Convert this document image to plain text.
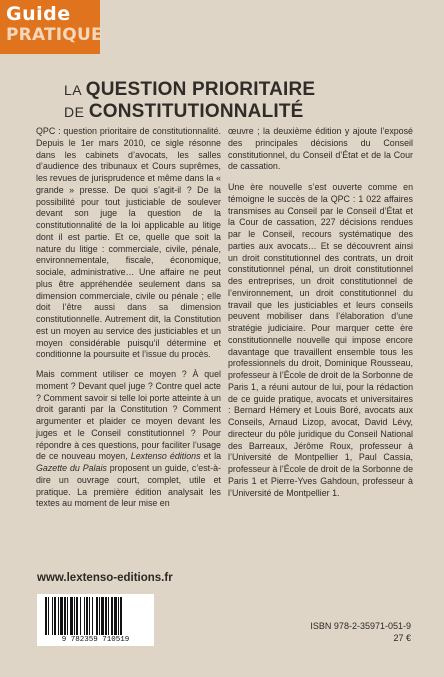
Guide
PRATIQUE
LA QUESTION PRIORITAIRE
DE CONSTITUTIONNALITÉ

QPC : question prioritaire de constitutionnalité. Depuis le 1er mars 2010, ce sigle résonne dans les cabinets d’avocats, les salles d’audience des tribunaux et Cours suprêmes, les revues de jurisprudence et même dans la « grande » presse. De quoi s’agit-il ? De la possibilité pour tout justiciable de soulever devant son juge la question de la constitutionnalité de la loi applicable au litige dont il est partie. Et ce, quelle que soit la nature du litige : commerciale, civile, pénale, environnementale, fiscale, économique, sociale, administrative… Une affaire ne peut plus être appréhendée seulement dans sa dimension commerciale, civile ou pénale ; elle doit l’être aussi dans sa dimension constitutionnelle. Autrement dit, la Constitution est un moyen au service des justiciables et un moyen considérable puisqu’il détermine et conditionne la poursuite et l’issue du procès.

Mais comment utiliser ce moyen ? À quel moment ? Devant quel juge ? Contre quel acte ? Comment savoir si telle loi porte atteinte à un droit garanti par la Constitution ? Comment argumenter et plaider ce moyen devant les juges et le Conseil constitutionnel ? Pour répondre à ces questions, pour faciliter l’usage de ce nouveau moyen, Lextenso éditions et la Gazette du Palais proposent un guide, c’est-à-dire un ouvrage court, complet, utile et pratique. La première édition analysait les textes au moment de leur mise en

œuvre ; la deuxième édition y ajoute l’exposé des principales décisions du Conseil constitutionnel, du Conseil d’État et de la Cour de cassation.

Une ère nouvelle s’est ouverte comme en témoigne le succès de la QPC : 1 022 affaires transmises au Conseil par le Conseil d’État et la Cour de cassation, 227 décisions rendues par le Conseil, recours systématique des parties aux avocats… Et se découvrent ainsi un droit constitutionnel des contrats, un droit constitutionnel pénal, un droit constitutionnel des entreprises, un droit constitutionnel de l’environnement, un droit constitutionnel du travail que les justiciables et leurs conseils peuvent mobiliser dans l’élaboration d’une stratégie judiciaire. Pour marquer cette ère constitutionnelle nouvelle qui impose encore davantage que travaillent ensemble tous les professionnels du droit, Dominique Rousseau, professeur à l’École de droit de la Sorbonne de Paris 1, a réuni autour de lui, pour la rédaction de ce guide pratique, avocats et universitaires : Bernard Hémery et Louis Boré, avocats aux Conseils, Arnaud Lizop, avocat, David Lévy, directeur du pôle juridique du Conseil National des Barreaux, Jérôme Roux, professeur à l’Université de Montpellier 1, Paul Cassia, professeur à l’École de droit de la Sorbonne de Paris 1 et Pierre-Yves Gahdoun, professeur à l’Université de Montpellier 1.

www.lextenso-editions.fr
9 782359 710519
ISBN 978-2-35971-051-9
27 €
